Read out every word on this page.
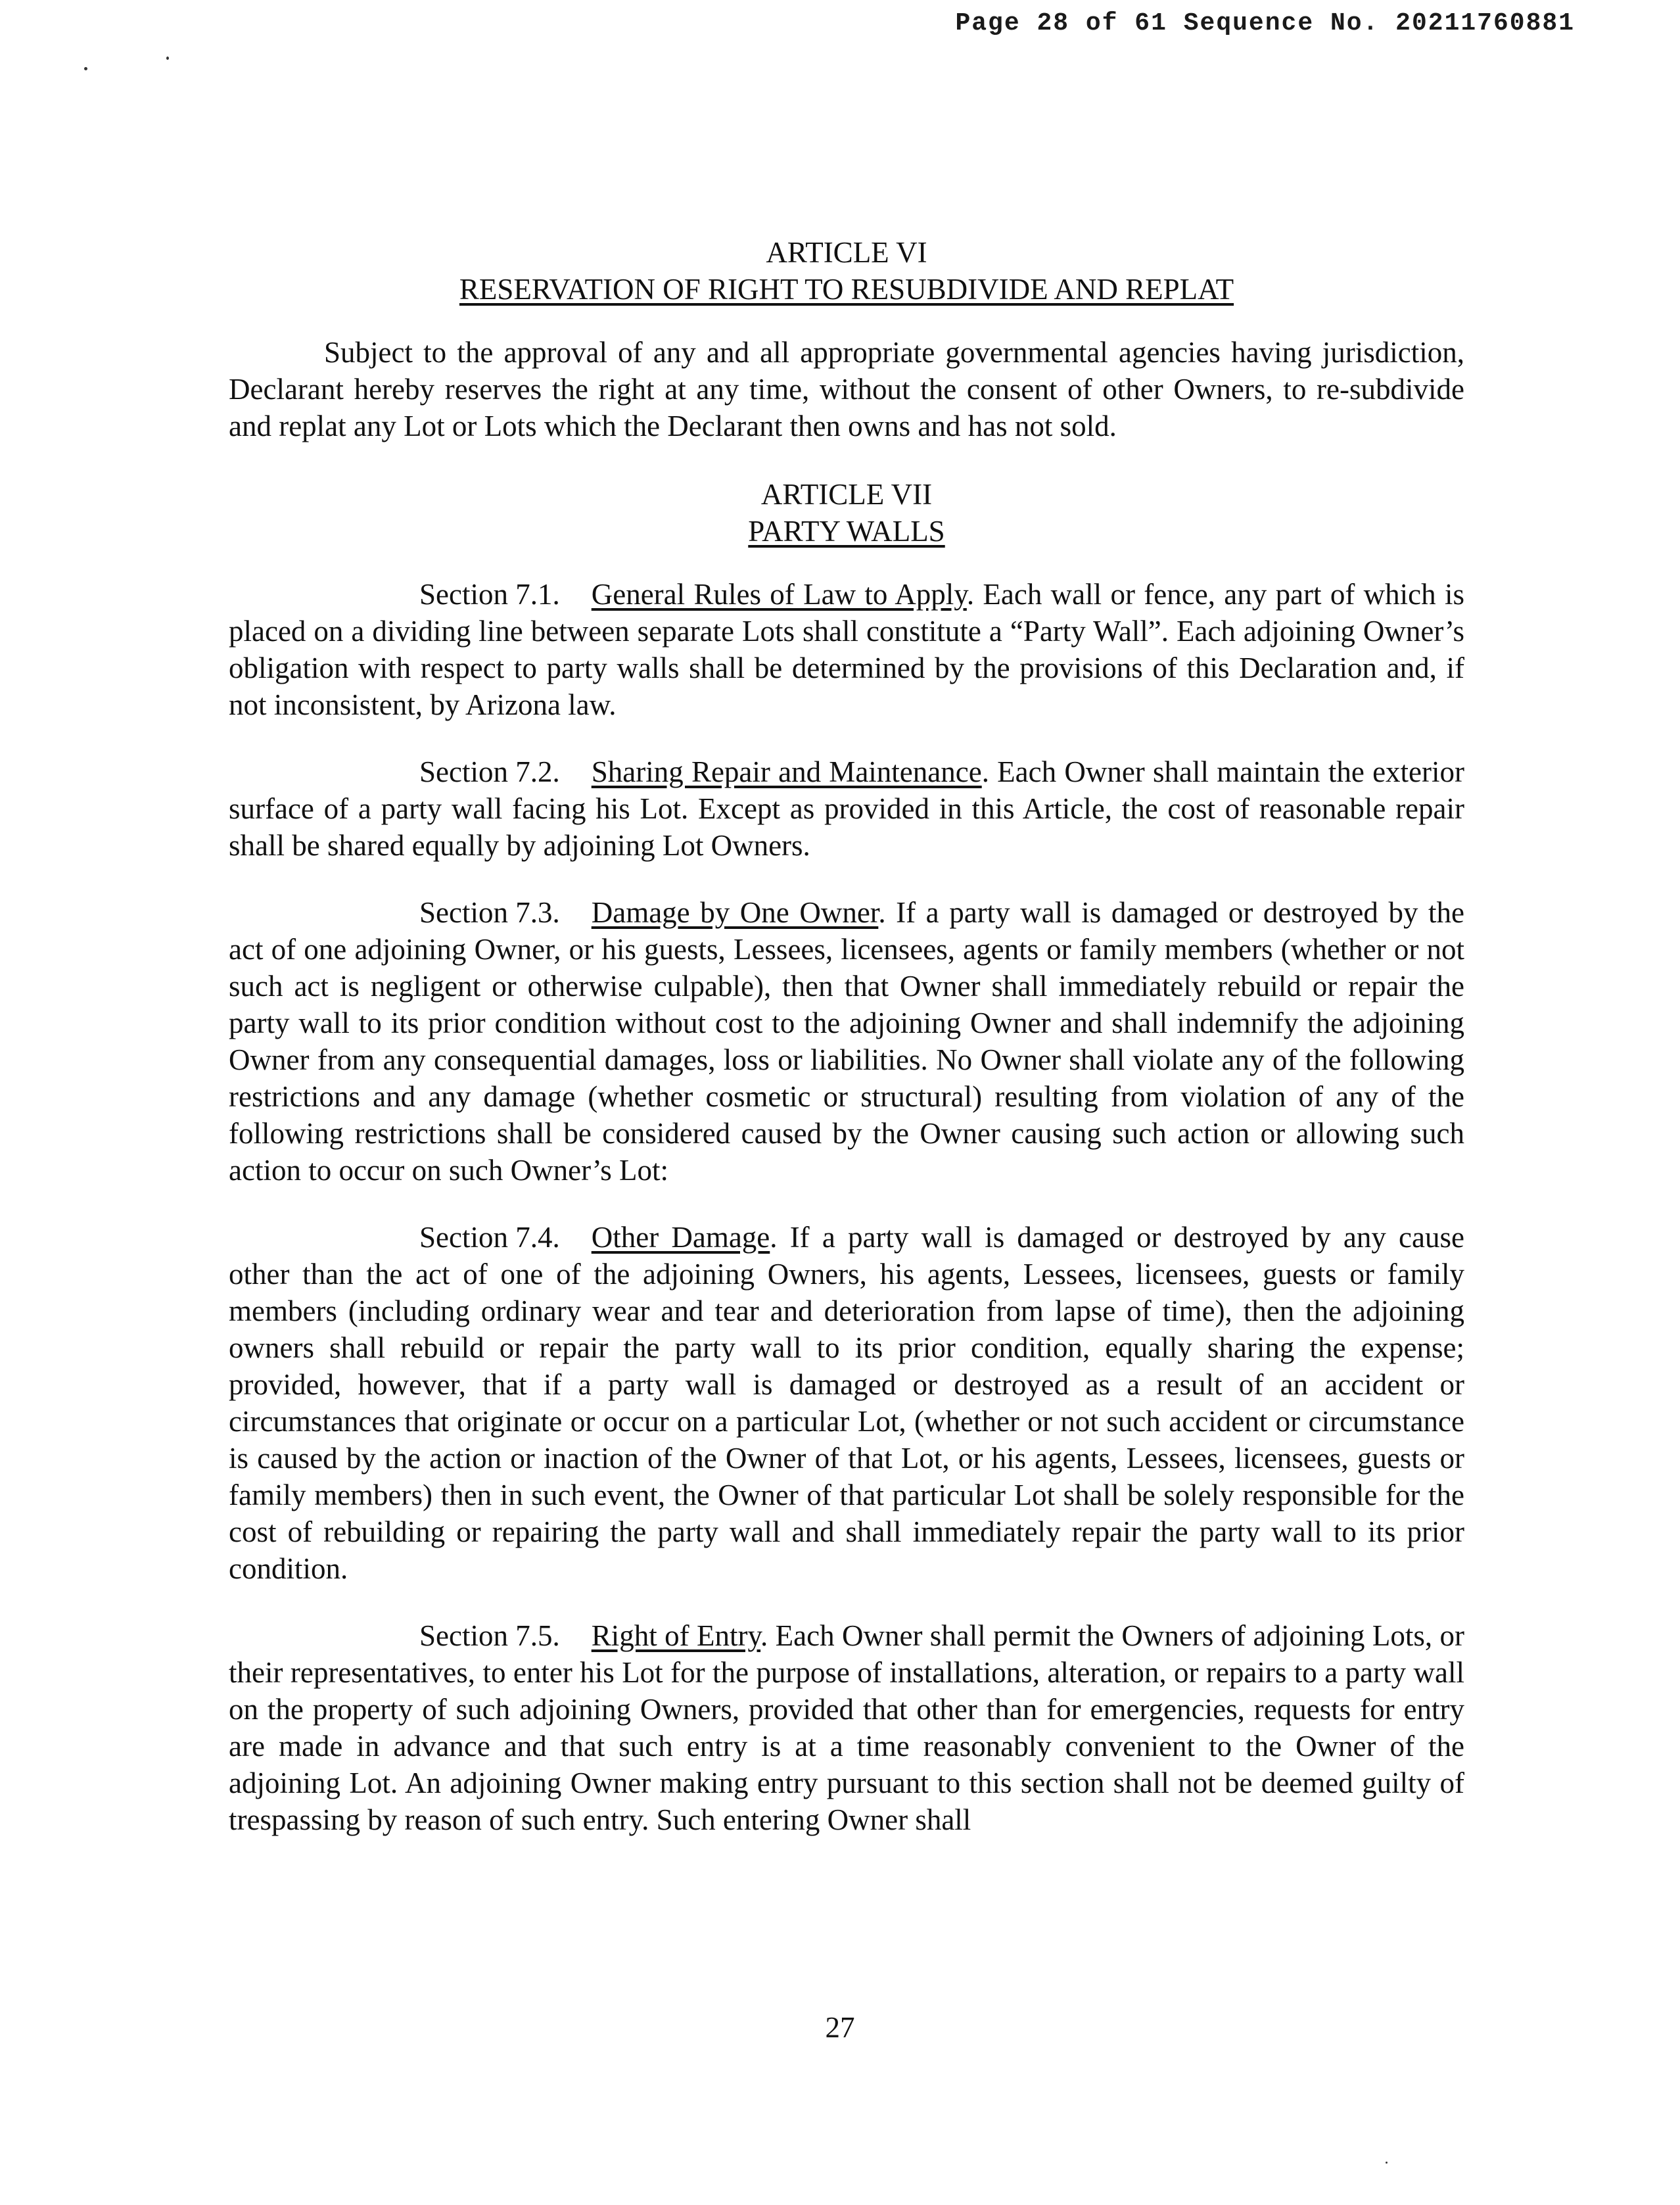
Page 28 of 61 Sequence No. 20211760881
ARTICLE VI
RESERVATION OF RIGHT TO RESUBDIVIDE AND REPLAT

Subject to the approval of any and all appropriate governmental agencies having jurisdiction, Declarant hereby reserves the right at any time, without the consent of other Owners, to re-subdivide and replat any Lot or Lots which the Declarant then owns and has not sold.

ARTICLE VII
PARTY WALLS

Section 7.1. General Rules of Law to Apply. Each wall or fence, any part of which is placed on a dividing line between separate Lots shall constitute a “Party Wall”. Each adjoining Owner’s obligation with respect to party walls shall be determined by the provisions of this Declaration and, if not inconsistent, by Arizona law.

Section 7.2. Sharing Repair and Maintenance. Each Owner shall maintain the exterior surface of a party wall facing his Lot. Except as provided in this Article, the cost of reasonable repair shall be shared equally by adjoining Lot Owners.

Section 7.3. Damage by One Owner. If a party wall is damaged or destroyed by the act of one adjoining Owner, or his guests, Lessees, licensees, agents or family members (whether or not such act is negligent or otherwise culpable), then that Owner shall immediately rebuild or repair the party wall to its prior condition without cost to the adjoining Owner and shall indemnify the adjoining Owner from any consequential damages, loss or liabilities. No Owner shall violate any of the following restrictions and any damage (whether cosmetic or structural) resulting from violation of any of the following restrictions shall be considered caused by the Owner causing such action or allowing such action to occur on such Owner’s Lot:

Section 7.4. Other Damage. If a party wall is damaged or destroyed by any cause other than the act of one of the adjoining Owners, his agents, Lessees, licensees, guests or family members (including ordinary wear and tear and deterioration from lapse of time), then the adjoining owners shall rebuild or repair the party wall to its prior condition, equally sharing the expense; provided, however, that if a party wall is damaged or destroyed as a result of an accident or circumstances that originate or occur on a particular Lot, (whether or not such accident or circumstance is caused by the action or inaction of the Owner of that Lot, or his agents, Lessees, licensees, guests or family members) then in such event, the Owner of that particular Lot shall be solely responsible for the cost of rebuilding or repairing the party wall and shall immediately repair the party wall to its prior condition.

Section 7.5. Right of Entry. Each Owner shall permit the Owners of adjoining Lots, or their representatives, to enter his Lot for the purpose of installations, alteration, or repairs to a party wall on the property of such adjoining Owners, provided that other than for emergencies, requests for entry are made in advance and that such entry is at a time reasonably convenient to the Owner of the adjoining Lot. An adjoining Owner making entry pursuant to this section shall not be deemed guilty of trespassing by reason of such entry. Such entering Owner shall

27
